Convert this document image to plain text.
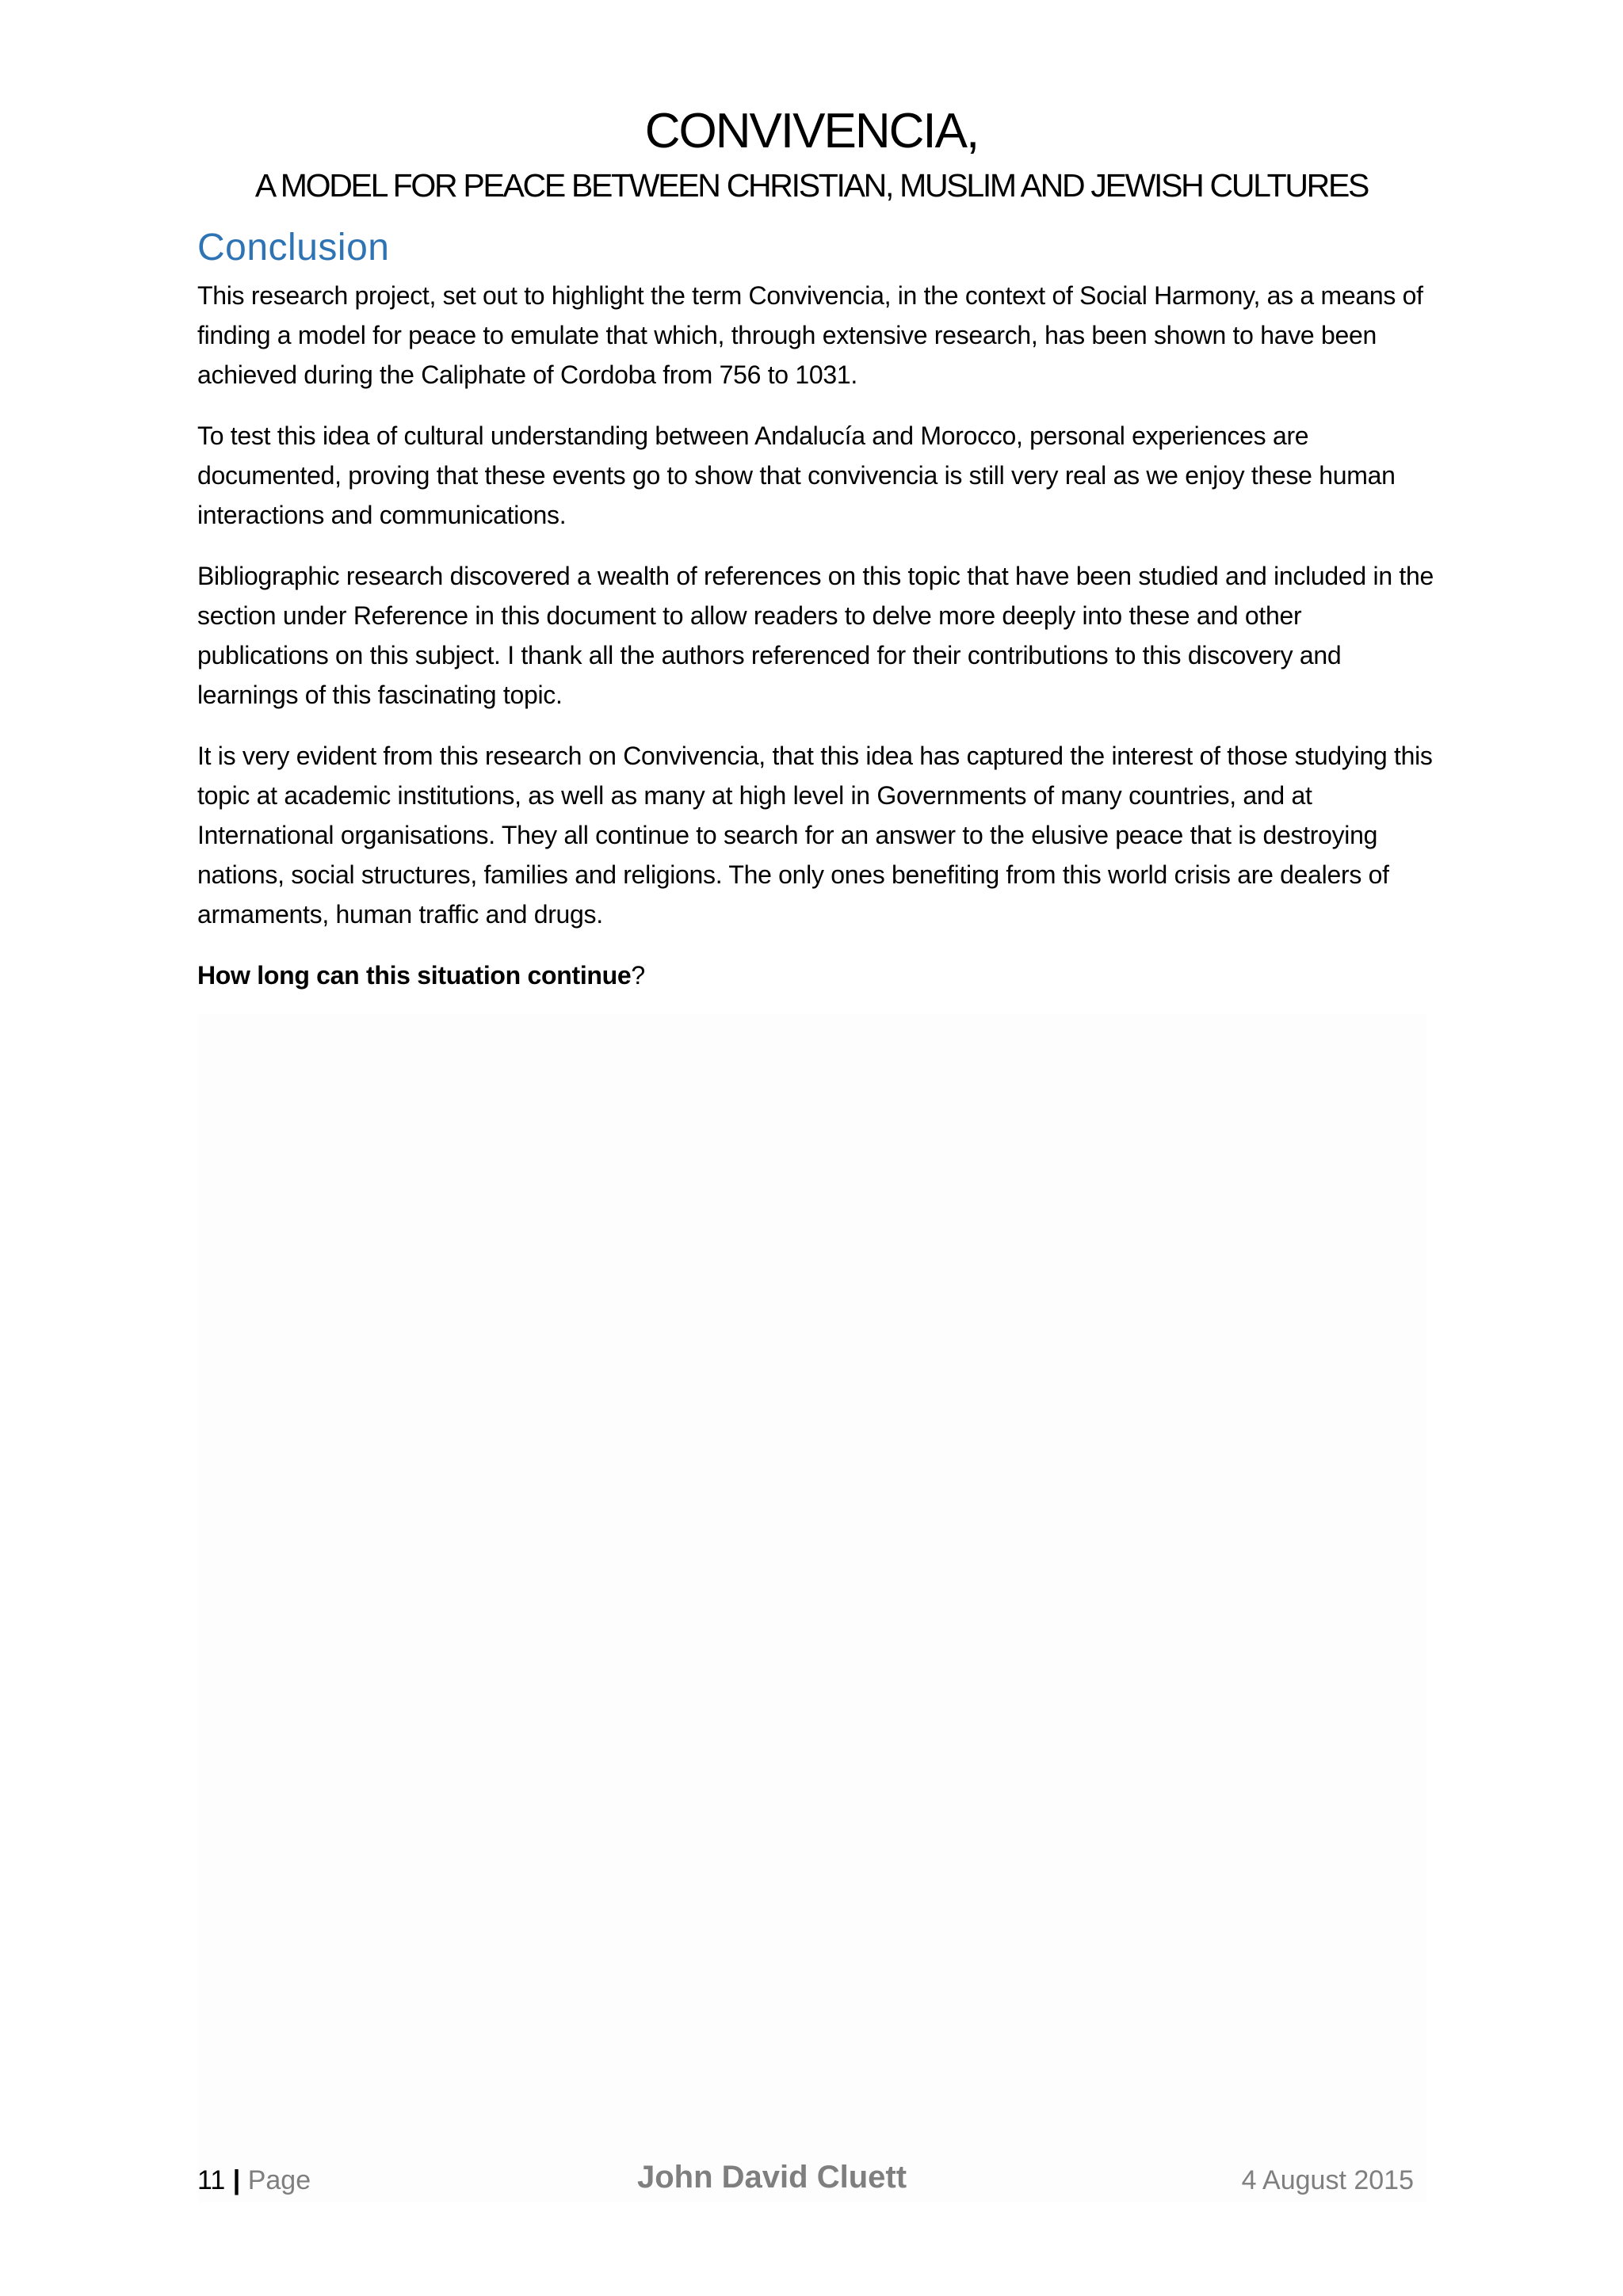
CONVIVENCIA,

A MODEL FOR PEACE BETWEEN CHRISTIAN, MUSLIM AND JEWISH CULTURES

Conclusion

This research project, set out to highlight the term Convivencia, in the context of Social Harmony, as a means of finding a model for peace to emulate that which, through extensive research, has been shown to have been achieved during the Caliphate of Cordoba from 756 to 1031.

To test this idea of cultural understanding between Andalucía and Morocco, personal experiences are documented, proving that these events go to show that convivencia is still very real as we enjoy these human interactions and communications.

Bibliographic research discovered a wealth of references on this topic that have been studied and included in the section under Reference in this document to allow readers to delve more deeply into these and other publications on this subject. I thank all the authors referenced for their contributions to this discovery and learnings of this fascinating topic.

It is very evident from this research on Convivencia, that this idea has captured the interest of those studying this topic at academic institutions, as well as many at high level in Governments of many countries, and at International organisations. They all continue to search for an answer to the elusive peace that is destroying nations, social structures, families and religions. The only ones benefiting from this world crisis are dealers of armaments, human traffic and drugs.

How long can this situation continue?

11 | Page	John David Cluett	4 August 2015
